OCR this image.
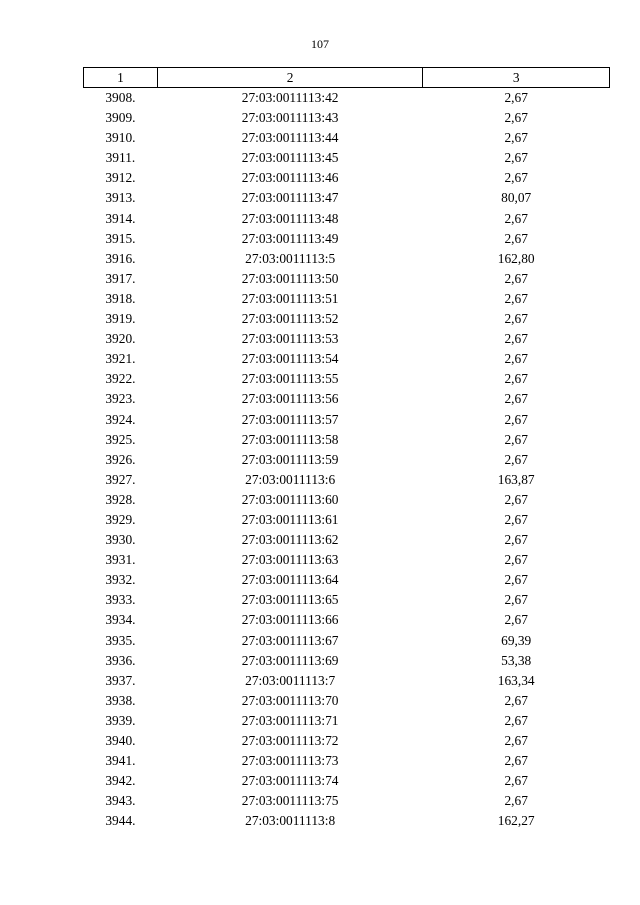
107
1	2	3
3908.	27:03:0011113:42	2,67
3909.	27:03:0011113:43	2,67
3910.	27:03:0011113:44	2,67
3911.	27:03:0011113:45	2,67
3912.	27:03:0011113:46	2,67
3913.	27:03:0011113:47	80,07
3914.	27:03:0011113:48	2,67
3915.	27:03:0011113:49	2,67
3916.	27:03:0011113:5	162,80
3917.	27:03:0011113:50	2,67
3918.	27:03:0011113:51	2,67
3919.	27:03:0011113:52	2,67
3920.	27:03:0011113:53	2,67
3921.	27:03:0011113:54	2,67
3922.	27:03:0011113:55	2,67
3923.	27:03:0011113:56	2,67
3924.	27:03:0011113:57	2,67
3925.	27:03:0011113:58	2,67
3926.	27:03:0011113:59	2,67
3927.	27:03:0011113:6	163,87
3928.	27:03:0011113:60	2,67
3929.	27:03:0011113:61	2,67
3930.	27:03:0011113:62	2,67
3931.	27:03:0011113:63	2,67
3932.	27:03:0011113:64	2,67
3933.	27:03:0011113:65	2,67
3934.	27:03:0011113:66	2,67
3935.	27:03:0011113:67	69,39
3936.	27:03:0011113:69	53,38
3937.	27:03:0011113:7	163,34
3938.	27:03:0011113:70	2,67
3939.	27:03:0011113:71	2,67
3940.	27:03:0011113:72	2,67
3941.	27:03:0011113:73	2,67
3942.	27:03:0011113:74	2,67
3943.	27:03:0011113:75	2,67
3944.	27:03:0011113:8	162,27
